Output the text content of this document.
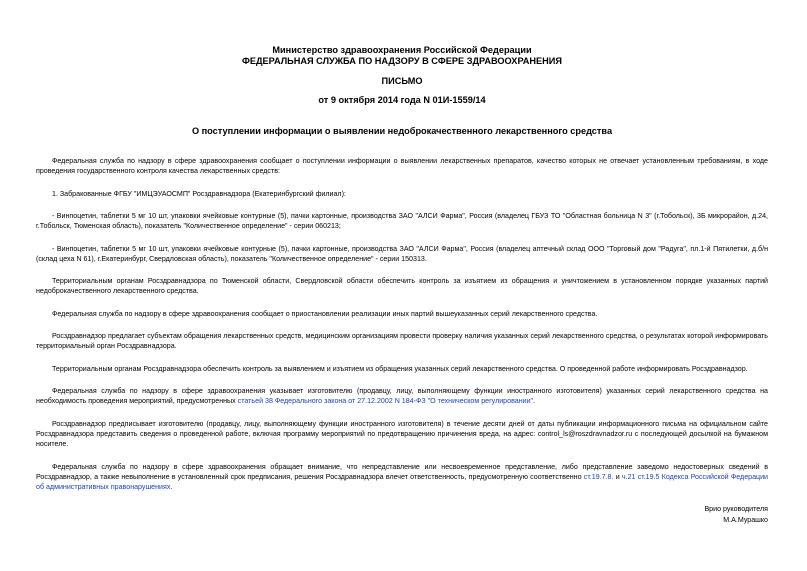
Министерство здравоохранения Российской Федерации
ФЕДЕРАЛЬНАЯ СЛУЖБА ПО НАДЗОРУ В СФЕРЕ ЗДРАВООХРАНЕНИЯ
ПИСЬМО
от 9 октября 2014 года N 01И-1559/14
О поступлении информации о выявлении недоброкачественного лекарственного средства

Федеральная служба по надзору в сфере здравоохранения сообщает о поступлении информации о выявлении лекарственных препаратов, качество которых не отвечает установленным требованиям, в ходе проведения государственного контроля качества лекарственных средств:

1. Забракованные ФГБУ "ИМЦЭУАОСМП" Росздравнадзора (Екатеринбургский филиал):

- Винпоцетин, таблетки 5 мг 10 шт, упаковки ячейковые контурные (5), пачки картонные, производства ЗАО "АЛСИ Фарма", Россия (владелец ГБУЗ ТО "Областная больница N 3" (г.Тобольск), 3Б микрорайон, д.24, г.Тобольск, Тюменская область), показатель "Количественное определение" - серии 060213;

- Винпоцетин, таблетки 5 мг 10 шт, упаковки ячейковые контурные (5), пачки картонные, производства ЗАО "АЛСИ Фарма", Россия (владелец аптечный склад ООО "Торговый дом "Радуга", пл.1-й Пятилетки, д.б/н (склад цеха N 61), г.Екатеринбург, Свердловская область), показатель "Количественное определение" - серии 150313.

Территориальным органам Росздравнадзора по Тюменской области, Свердловской области обеспечить контроль за изъятием из обращения и уничтожением в установленном порядке указанных партий недоброкачественного лекарственного средства.

Федеральная служба по надзору в сфере здравоохранения сообщает о приостановлении реализации иных партий вышеуказанных серий лекарственного средства.

Росздравнадзор предлагает субъектам обращения лекарственных средств, медицинским организациям провести проверку наличия указанных серий лекарственного средства, о результатах которой информировать территориальный орган Росздравнадзора.

Территориальным органам Росздравнадзора обеспечить контроль за выявлением и изъятием из обращения указанных серий лекарственного средства. О проведенной работе информировать Росздравнадзор.

Федеральная служба по надзору в сфере здравоохранения указывает изготовителю (продавцу, лицу, выполняющему функции иностранного изготовителя) указанных серий лекарственного средства на необходимость проведения мероприятий, предусмотренных статьей 38 Федерального закона от 27.12.2002 N 184-ФЗ "О техническом регулировании".

Росздравнадзор предписывает изготовителю (продавцу, лицу, выполняющему функции иностранного изготовителя) в течение десяти дней от даты публикации информационного письма на официальном сайте Росздравнадзора представить сведения о проведенной работе, включая программу мероприятий по предотвращению причинения вреда, на адрес: control_ls@roszdravnadzor.ru с последующей досылкой на бумажном носителе.

Федеральная служба по надзору в сфере здравоохранения обращает внимание, что непредставление или несвоевременное представление, либо представление заведомо недостоверных сведений в Росздравнадзор, а также невыполнение в установленный срок предписания, решения Росздравнадзора влечет ответственность, предусмотренную соответственно ст.19.7.8. и ч.21 ст.19.5 Кодекса Российской Федерации об административных правонарушениях.

Врио руководителя
М.А.Мурашко
